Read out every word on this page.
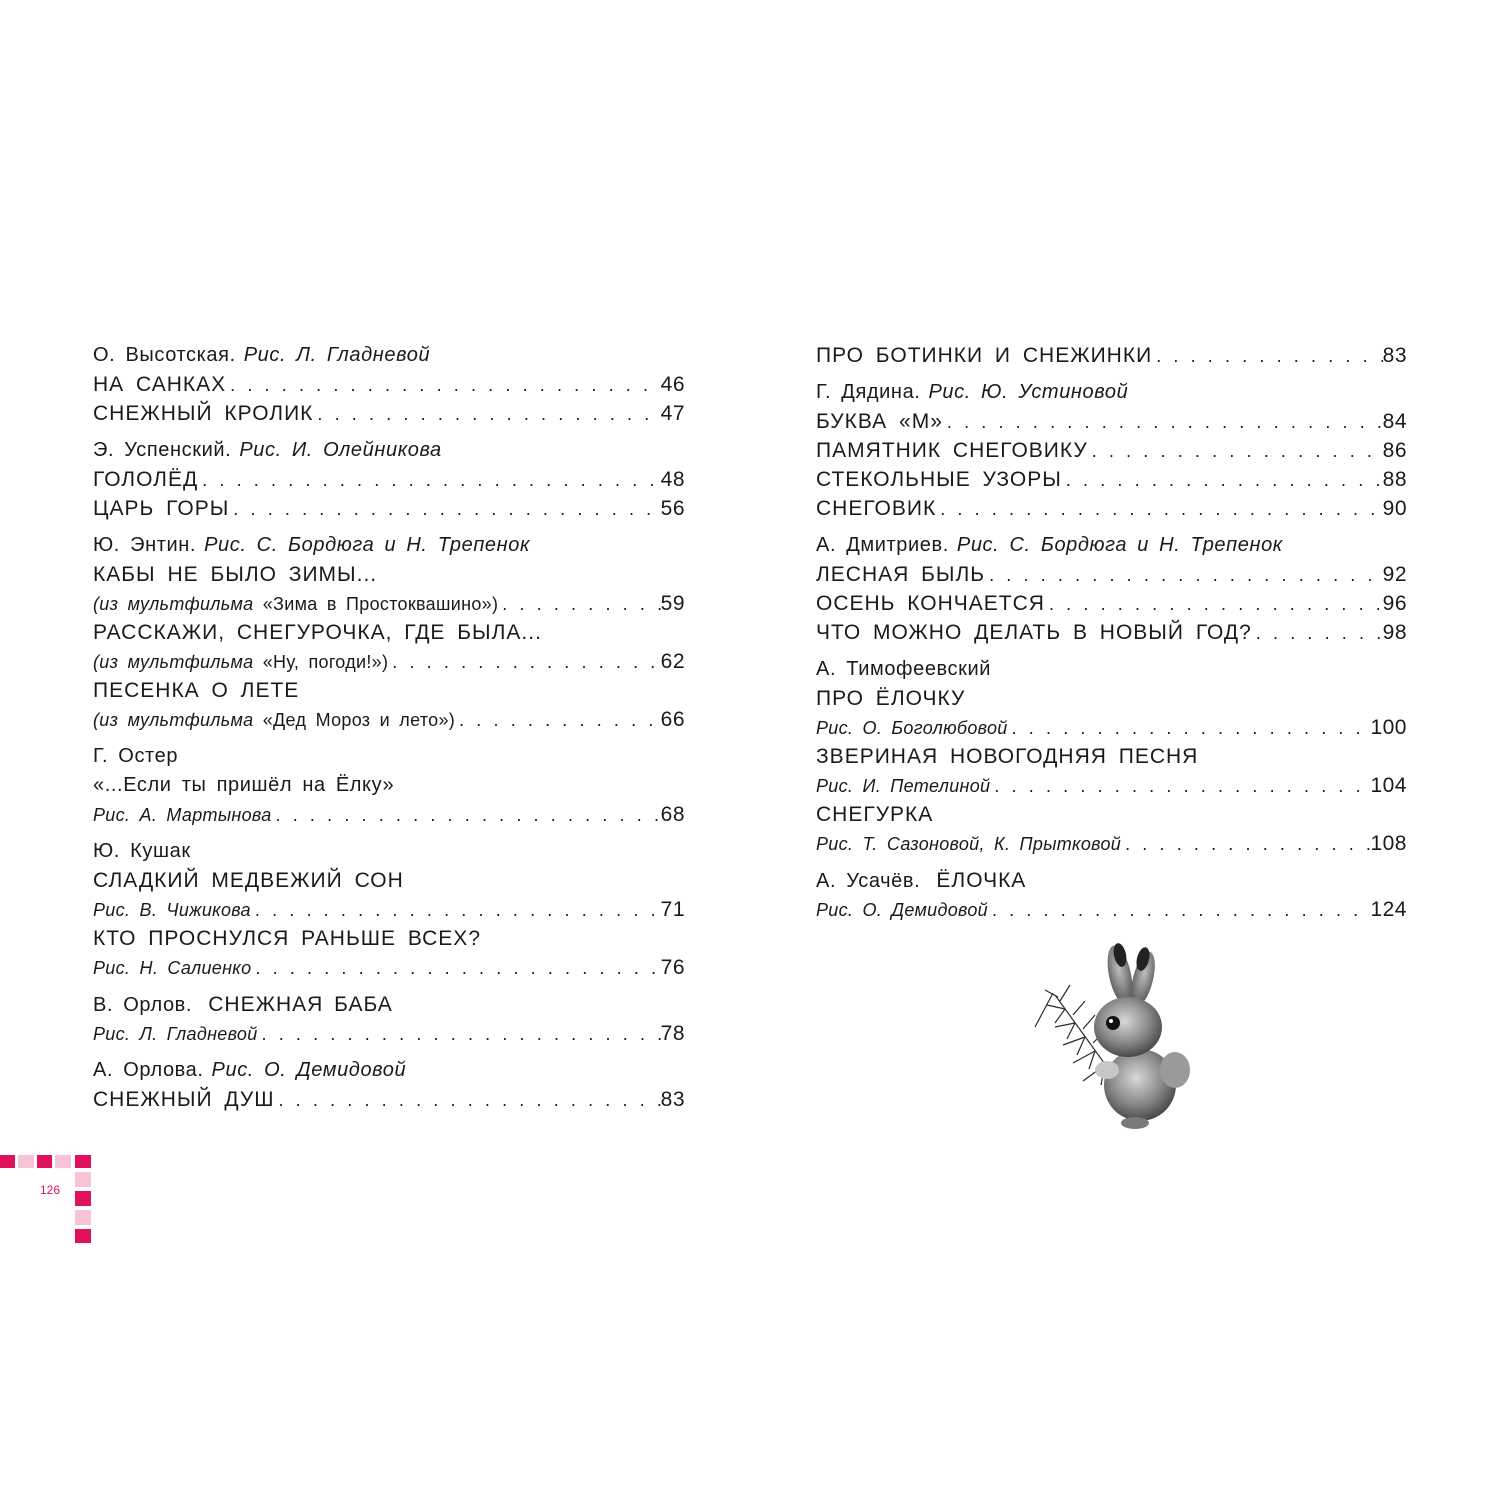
О. Высотская. Рис. Л. Гладневой
НА САНКАХ . . .	46
СНЕЖНЫЙ КРОЛИК . . .	47
Э. Успенский. Рис. И. Олейникова
ГОЛОЛЁД . . .	48
ЦАРЬ ГОРЫ . . .	56
Ю. Энтин. Рис. С. Бордюга и Н. Трепенок
КАБЫ НЕ БЫЛО ЗИМЫ...
(из мультфильма «Зима в Простоквашино») . . .	59
РАССКАЖИ, СНЕГУРОЧКА, ГДЕ БЫЛА...
(из мультфильма «Ну, погоди!») . . .	62
ПЕСЕНКА О ЛЕТЕ
(из мультфильма «Дед Мороз и лето») . . .	66
Г. Остер
«...Если ты пришёл на Ёлку»
Рис. А. Мартынова . . .	68
Ю. Кушак
СЛАДКИЙ МЕДВЕЖИЙ СОН
Рис. В. Чижикова . . .	71
КТО ПРОСНУЛСЯ РАНЬШЕ ВСЕХ?
Рис. Н. Салиенко . . .	76
В. Орлов. СНЕЖНАЯ БАБА
Рис. Л. Гладневой . . .	78
А. Орлова. Рис. О. Демидовой
СНЕЖНЫЙ ДУШ . . .	83
ПРО БОТИНКИ И СНЕЖИНКИ . . .	83
Г. Дядина. Рис. Ю. Устиновой
БУКВА «М» . . .	84
ПАМЯТНИК СНЕГОВИКУ . . .	86
СТЕКОЛЬНЫЕ УЗОРЫ . . .	88
СНЕГОВИК . . .	90
А. Дмитриев. Рис. С. Бордюга и Н. Трепенок
ЛЕСНАЯ БЫЛЬ . . .	92
ОСЕНЬ КОНЧАЕТСЯ . . .	96
ЧТО МОЖНО ДЕЛАТЬ В НОВЫЙ ГОД? . . .	98
А. Тимофеевский
ПРО ЁЛОЧКУ
Рис. О. Боголюбовой . . .	100
ЗВЕРИНАЯ НОВОГОДНЯЯ ПЕСНЯ
Рис. И. Петелиной . . .	104
СНЕГУРКА
Рис. Т. Сазоновой, К. Прытковой . . .	108
А. Усачёв. ЁЛОЧКА
Рис. О. Демидовой . . .	124
126
